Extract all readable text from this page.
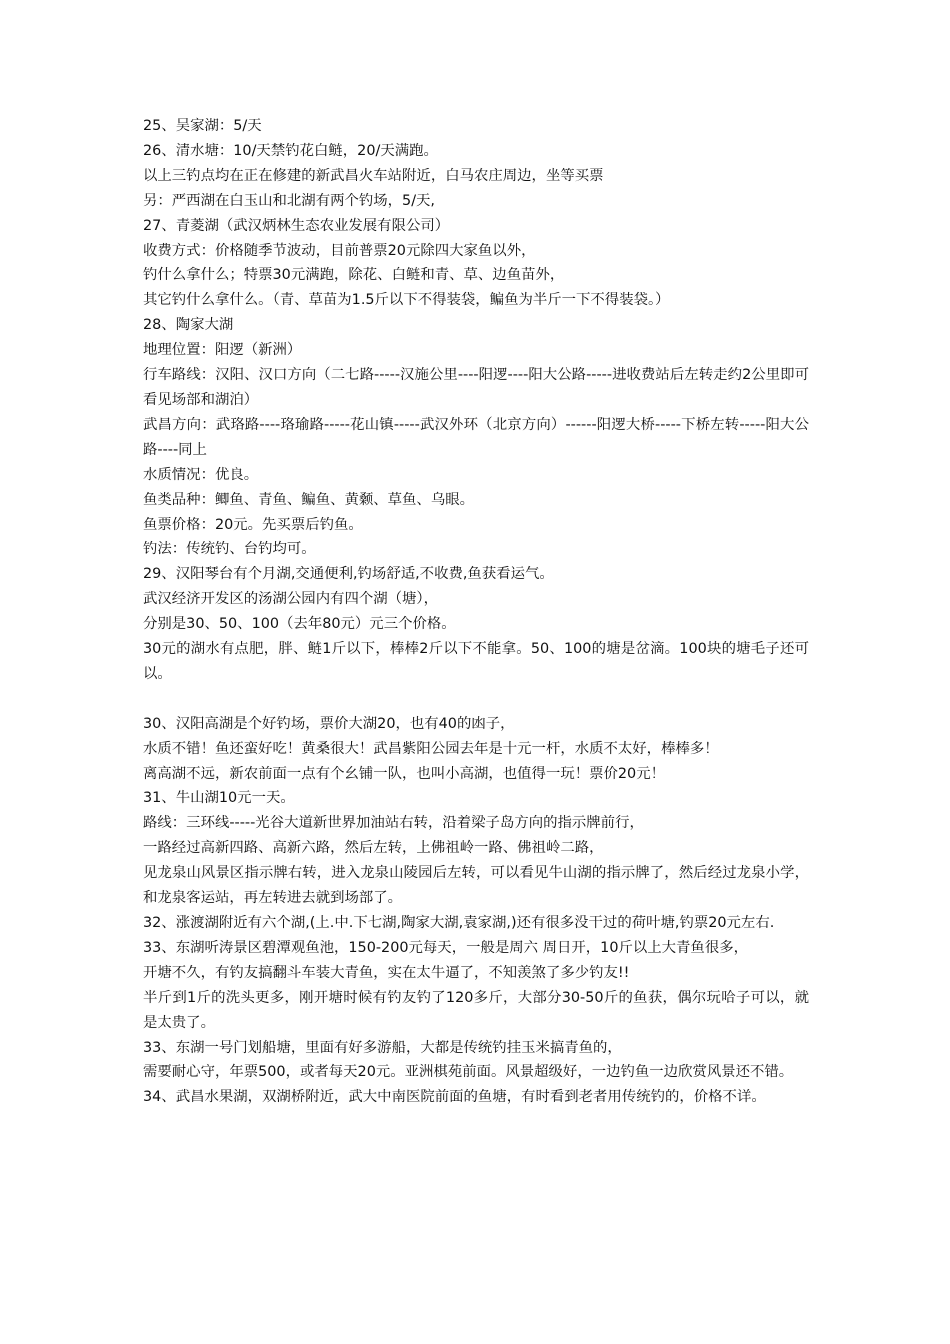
25、吴家湖：5/天

26、清水塘：10/天禁钓花白鲢，20/天满跑。

以上三钓点均在正在修建的新武昌火车站附近，白马农庄周边，坐等买票

另：严西湖在白玉山和北湖有两个钓场，5/天,

27、青菱湖（武汉炳林生态农业发展有限公司）

收费方式：价格随季节波动，目前普票20元除四大家鱼以外，

钓什么拿什么；特票30元满跑，除花、白鲢和青、草、边鱼苗外，

其它钓什么拿什么。（青、草苗为1.5斤以下不得装袋，鳊鱼为半斤一下不得装袋。）

28、陶家大湖

地理位置：阳逻（新洲）

行车路线：汉阳、汉口方向（二七路-----汉施公里----阳逻----阳大公路-----进收费站后左转走约2公里即可看见场部和湖泊）

武昌方向：武珞路----珞瑜路-----花山镇-----武汉外环（北京方向）------阳逻大桥-----下桥左转-----阳大公路----同上

水质情况：优良。

鱼类品种：鲫鱼、青鱼、鳊鱼、黄颡、草鱼、乌眼。

鱼票价格：20元。先买票后钓鱼。

钓法：传统钓、台钓均可。

29、汉阳琴台有个月湖,交通便利,钓场舒适,不收费,鱼获看运气。

武汉经济开发区的汤湖公园内有四个湖（塘），

分别是30、50、100（去年80元）元三个价格。

30元的湖水有点肥，胖、鲢1斤以下，棒棒2斤以下不能拿。50、100的塘是岔滴。100块的塘毛子还可以。

30、汉阳高湖是个好钓场，票价大湖20，也有40的凼子，

水质不错！鱼还蛮好吃！黄桑很大！武昌紫阳公园去年是十元一杆，水质不太好，棒棒多！

离高湖不远，新农前面一点有个幺铺一队，也叫小高湖，也值得一玩！票价20元！

31、牛山湖10元一天。

路线：三环线-----光谷大道新世界加油站右转，沿着梁子岛方向的指示牌前行，

一路经过高新四路、高新六路，然后左转，上佛祖岭一路、佛祖岭二路，

见龙泉山风景区指示牌右转，进入龙泉山陵园后左转，可以看见牛山湖的指示牌了，然后经过龙泉小学，和龙泉客运站，再左转进去就到场部了。

32、涨渡湖附近有六个湖,(上.中.下七湖,陶家大湖,袁家湖,)还有很多没干过的荷叶塘,钓票20元左右.

33、东湖听涛景区碧潭观鱼池，150-200元每天，一般是周六 周日开，10斤以上大青鱼很多，

开塘不久，有钓友搞翻斗车装大青鱼，实在太牛逼了，不知羡煞了多少钓友!!

半斤到1斤的洗头更多，刚开塘时候有钓友钓了120多斤，大部分30-50斤的鱼获，偶尔玩哈子可以，就是太贵了。

33、东湖一号门划船塘，里面有好多游船，大都是传统钓挂玉米搞青鱼的，

需要耐心守，年票500，或者每天20元。亚洲棋苑前面。风景超级好，一边钓鱼一边欣赏风景还不错。

34、武昌水果湖，双湖桥附近，武大中南医院前面的鱼塘，有时看到老者用传统钓的，价格不详。
